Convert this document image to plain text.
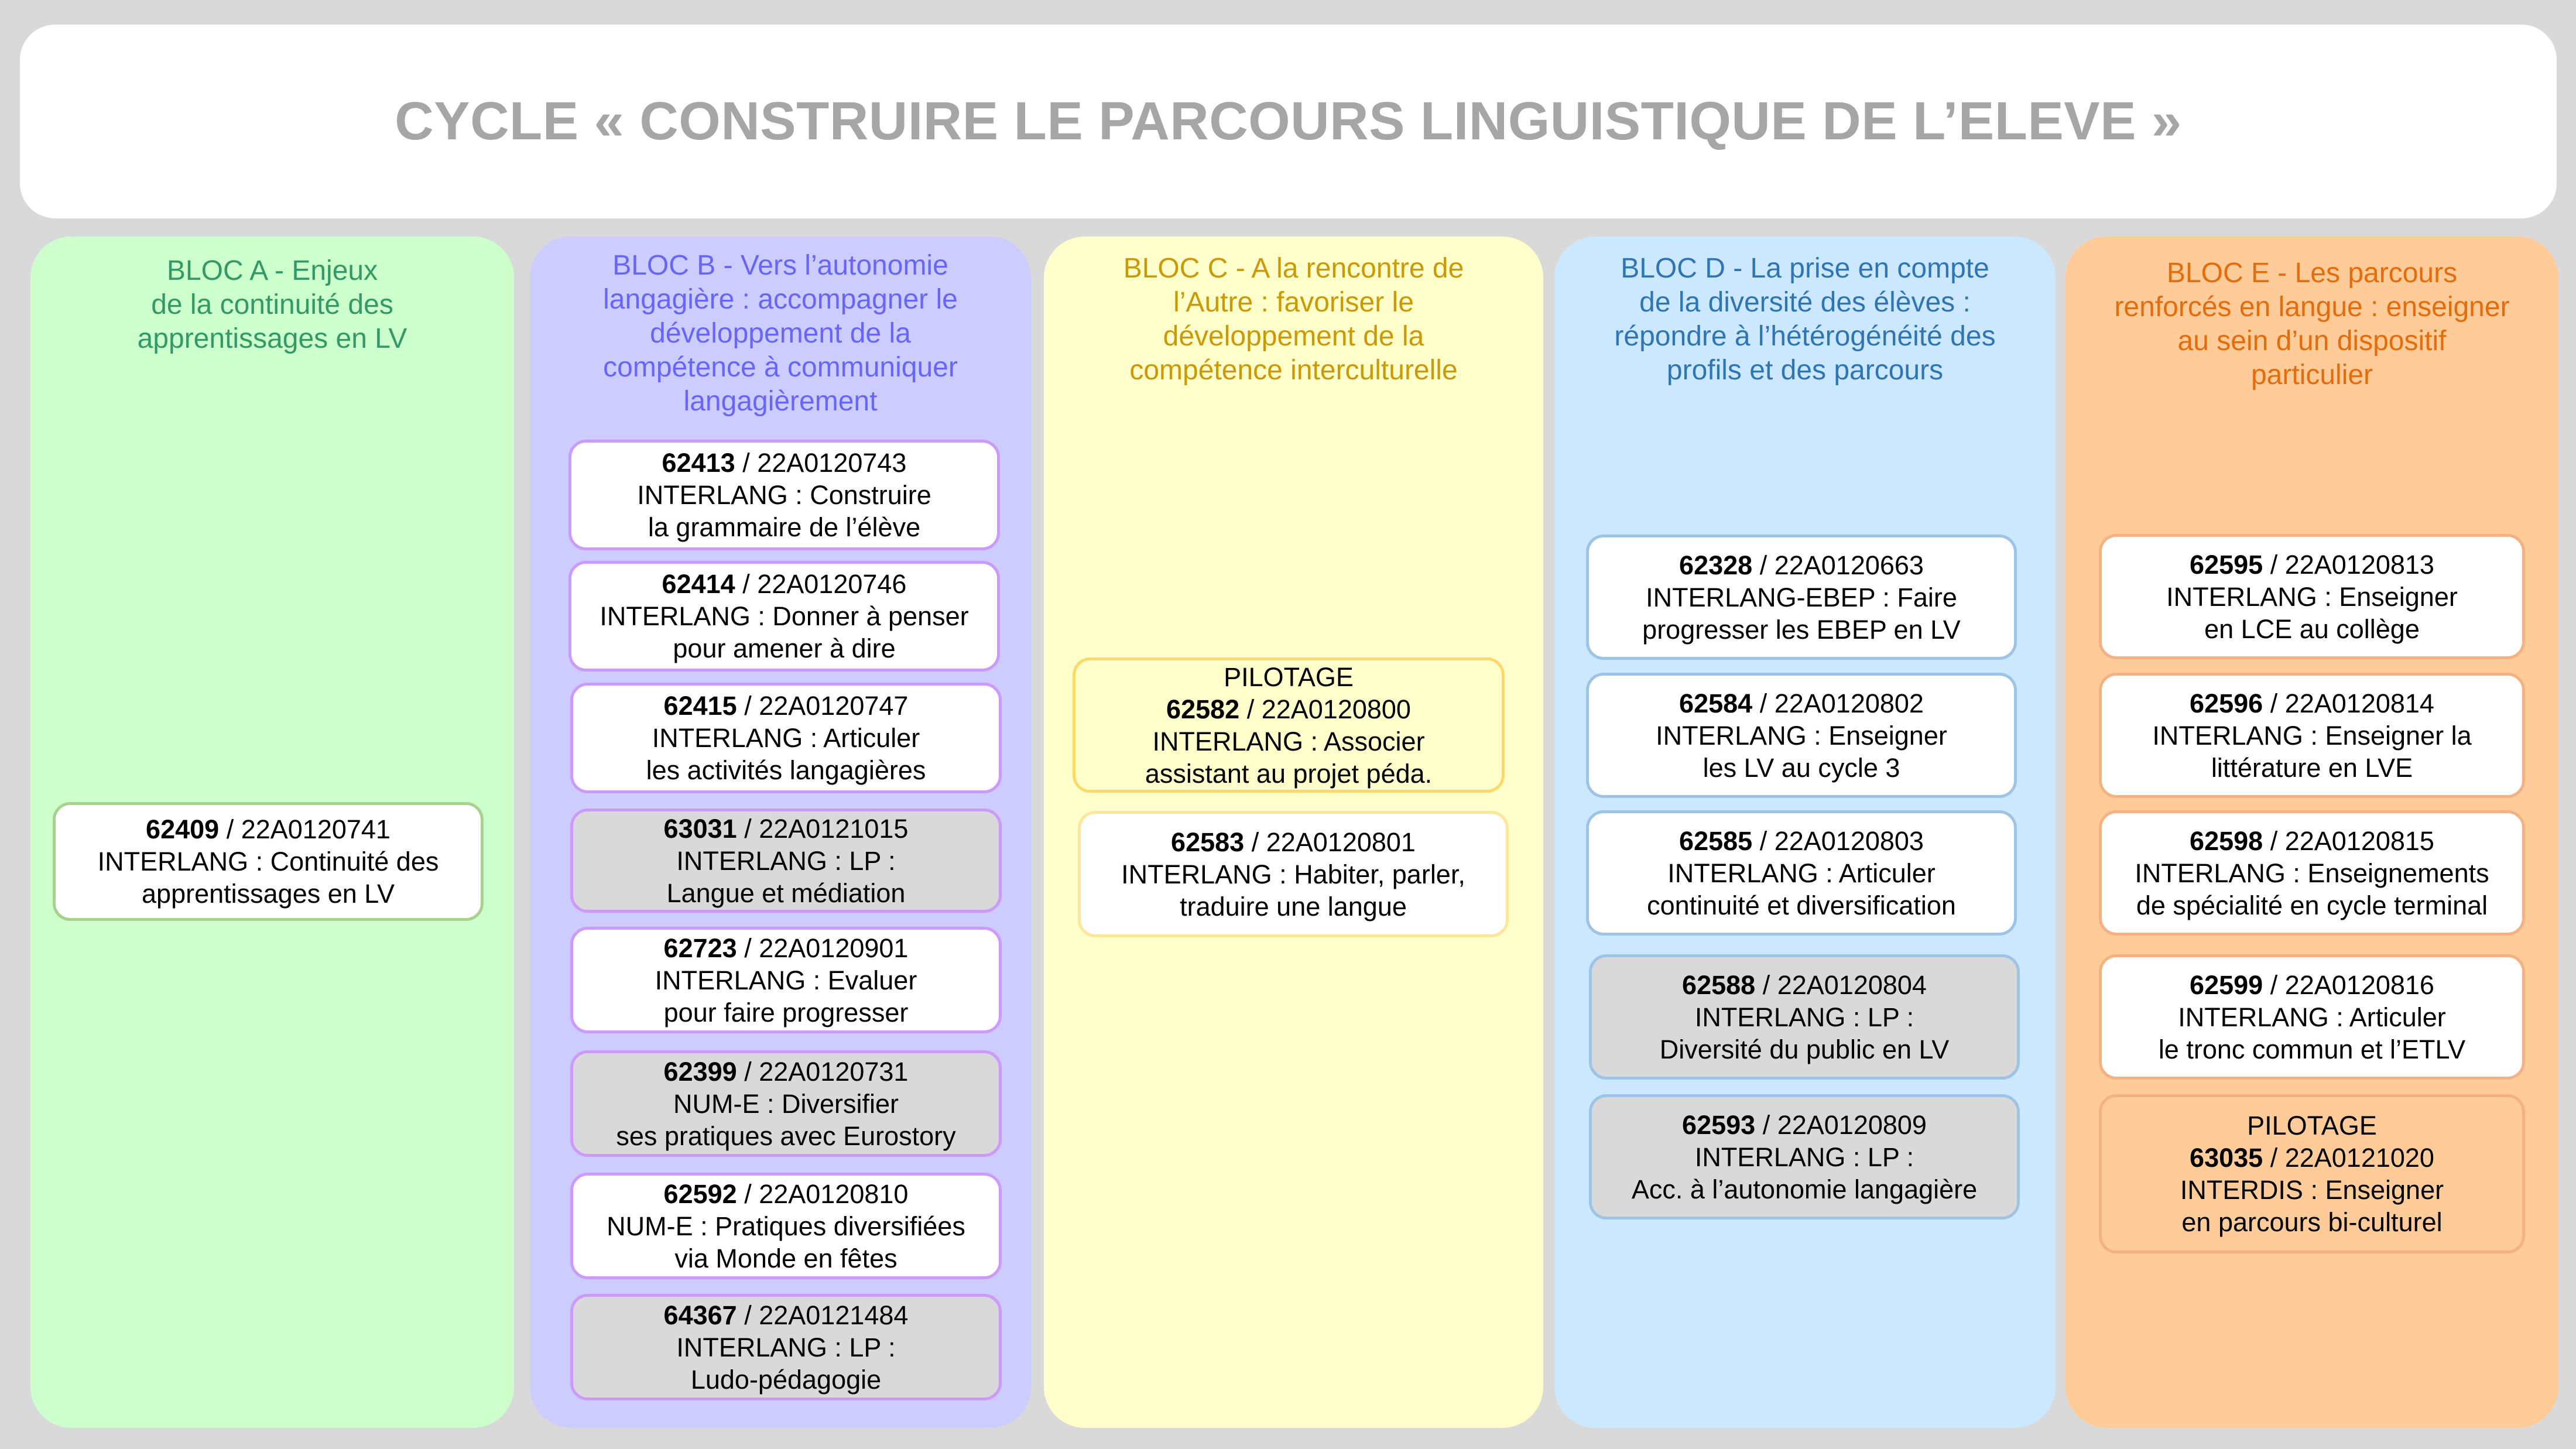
CYCLE « CONSTRUIRE LE PARCOURS LINGUISTIQUE DE L’ELEVE »
BLOC A - Enjeux
de la continuité des
apprentissages en LV
62409 / 22A0120741
INTERLANG : Continuité des
apprentissages en LV
BLOC B - Vers l’autonomie
langagière : accompagner le
développement de la
compétence à communiquer
langagièrement
62413 / 22A0120743
INTERLANG : Construire
la grammaire de l’élève
62414 / 22A0120746
INTERLANG : Donner à penser
pour amener à dire
62415 / 22A0120747
INTERLANG : Articuler
les activités langagières
63031 / 22A0121015
INTERLANG : LP :
Langue et médiation
62723 / 22A0120901
INTERLANG : Evaluer
pour faire progresser
62399 / 22A0120731
NUM-E : Diversifier
ses pratiques avec Eurostory
62592 / 22A0120810
NUM-E : Pratiques diversifiées
via Monde en fêtes
64367 / 22A0121484
INTERLANG : LP :
Ludo-pédagogie
BLOC C - A la rencontre de
l’Autre : favoriser le
développement de la
compétence interculturelle
PILOTAGE
62582 / 22A0120800
INTERLANG : Associer
assistant au projet péda.
62583 / 22A0120801
INTERLANG : Habiter, parler,
traduire une langue
BLOC D - La prise en compte
de la diversité des élèves :
répondre à l’hétérogénéité des
profils et des parcours
62328 / 22A0120663
INTERLANG-EBEP : Faire
progresser les EBEP en LV
62584 / 22A0120802
INTERLANG : Enseigner
les LV au cycle 3
62585 / 22A0120803
INTERLANG : Articuler
continuité et diversification
62588 / 22A0120804
INTERLANG : LP :
Diversité du public en LV
62593 / 22A0120809
INTERLANG : LP :
Acc. à l’autonomie langagière
BLOC E - Les parcours
renforcés en langue : enseigner
au sein d’un dispositif
particulier
62595 / 22A0120813
INTERLANG : Enseigner
en LCE au collège
62596 / 22A0120814
INTERLANG : Enseigner la
littérature en LVE
62598 / 22A0120815
INTERLANG : Enseignements
de spécialité en cycle terminal
62599 / 22A0120816
INTERLANG : Articuler
le tronc commun et l’ETLV
PILOTAGE
63035 / 22A0121020
INTERDIS : Enseigner
en parcours bi-culturel
